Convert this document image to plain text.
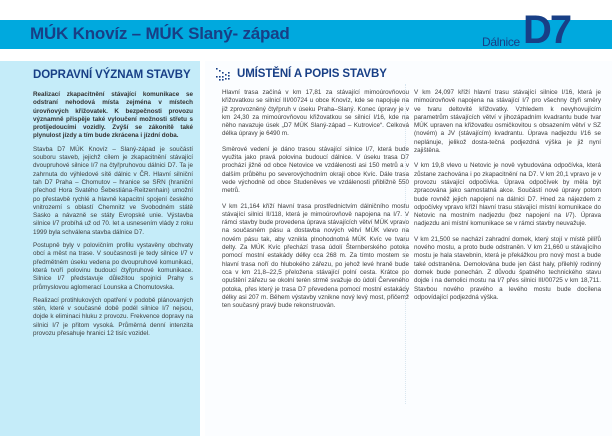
MÚK Knovíz – MÚK Slaný- západ	Dálnice D7
DOPRAVNÍ VÝZNAM STAVBY

Realizací zkapacitnění stávající komunikace se odstraní nehodová místa zejména v místech úrovňových křižovatek. K bezpečnosti provozu významně přispěje také vyloučení možnosti střetu s protijedoucími vozidly. Zvýší se zákonitě také plynulost jízdy a tím bude zkrácena i jízdní doba.

Stavba D7 MÚK Knovíz – Slaný-západ je součástí souboru staveb, jejichž cílem je zkapacitnění stávající dvoupruhové silnice I/7 na čtyřpruhovou dálnici D7. Ta je zahrnuta do výhledové sítě dálnic v ČR. Hlavní silniční tah D7 Praha – Chomutov – hranice se SRN (hraniční přechod Hora Svatého Šebestiána-Reitzenhain) umožní po přestavbě rychlé a hlavně kapacitní spojení českého vnitrozemí s oblastí Chemnitz ve Svobodném státě Sasko a návazně se státy Evropské unie. Výstavba silnice I/7 probíhá už od 70. let a usnesením vlády z roku 1999 byla schválena stavba dálnice D7.

Postupně byly v polovičním profilu vystavěny obchvaty obcí a měst na trase. V současnosti je tedy silnice I/7 v předmětném úseku vedena po dvoupruhové komunikaci, která tvoří polovinu budoucí čtyřpruhové komunikace. Silnice I/7 představuje důležitou spojnici Prahy s průmyslovou aglomerací Lounska a Chomutovska.

Realizací protihlukových opatření v podobě plánovaných stěn, které v současné době podél silnice I/7 nejsou, dojde k eliminaci hluku z provozu. Frekvence dopravy na silnici I/7 je přitom vysoká. Průměrná denní intenzita provozu přesahuje hranici 12 tisíc vozidel.

UMÍSTĚNÍ A POPIS STAVBY

Hlavní trasa začíná v km 17,81 za stávající mimoúrovňovou křižovatkou se silnicí III/00724 u obce Knovíz, kde se napojuje na již zprovozněný čtyřpruh v úseku Praha–Slaný. Konec úpravy je v km 24,30 za mimoúrovňovou křižovatkou se silnicí I/16, kde na něho navazuje úsek „D7 MÚK Slaný-západ – Kutrovice“. Celková délka úpravy je 6490 m.

Směrové vedení je dáno trasou stávající silnice I/7, která bude využita jako pravá polovina budoucí dálnice. V úseku trasa D7 prochází jižně od obce Netovice ve vzdálenosti asi 150 metrů a v dalším průběhu po severovýchodním okraji obce Kvíc. Dále trasa vede východně od obce Studeněves ve vzdálenosti přibližně 550 metrů.

V km 21,164 kříží hlavní trasa prostřednictvím dálničního mostu stávající silnici II/118, která je mimoúrovňově napojena na I/7. V rámci stavby bude provedena úprava stávajících větví MÚK vpravo na současném pásu a dostavba nových větví MÚK vlevo na novém pásu tak, aby vznikla plnohodnotná MÚK Kvíc ve tvaru delty. Za MÚK Kvíc přechází trasa údolí Šternberského potoka pomocí mostní estakády délky cca 268 m. Za tímto mostem se hlavní trasa noří do hlubokého zářezu, po jehož levé hraně bude cca v km 21,8–22,5 přeložena stávající polní cesta. Krátce po opuštění zářezu se okolní terén strmě svažuje do údolí Červeného potoka, přes který je trasa D7 převedena pomocí mostní estakády délky asi 207 m. Během výstavby vznikne nový levý most, přičemž ten současný pravý bude rekonstruován.

V km 24,097 kříží hlavní trasu stávající silnice I/16, která je mimoúrovňově napojena na stávající I/7 pro všechny čtyři směry ve tvaru deltovité křižovatky. Vzhledem k nevyhovujícím parametrům stávajících větví v jihozápadním kvadrantu bude tvar MÚK upraven na křižovatku osmičkovitou s obsazením větví v SZ (novém) a JV (stávajícím) kvadrantu. Úprava nadjezdu I/16 se neplánuje, jelikož dosta-tečná podjezdná výška je již nyní zajištěna.

V km 19,8 vlevo u Netovic je nově vybudována odpočívka, která zůstane zachována i po zkapacitnění na D7. V km 20,1 vpravo je v provozu stávající odpočívka. Úprava odpočívek by měla být zpracována jako samostatná akce. Součástí nové úpravy potom bude rovněž jejich napojení na dálnici D7. Hned za nájezdem z odpočívky vpravo kříží hlavní trasu stávající místní komunikace do Netovic na mostním nadjezdu (bez napojení na I/7). Úprava nadjezdu ani místní komunikace se v rámci stavby neuvažuje.

V km 21,500 se nachází zahradní domek, který stojí v místě pilířů nového mostu, a proto bude odstraněn. V km 21,660 u stávajícího mostu je hala stavebnin, která je překážkou pro nový most a bude také odstraněna. Demolována bude jen část haly, přilehlý rodinný domek bude ponechán. Z důvodu špatného technického stavu dojde i na demolici mostu na I/7 přes silnici III/00725 v km 18,711. Stavbou nového pravého a levého mostu bude docílena odpovídající podjezdná výška.
